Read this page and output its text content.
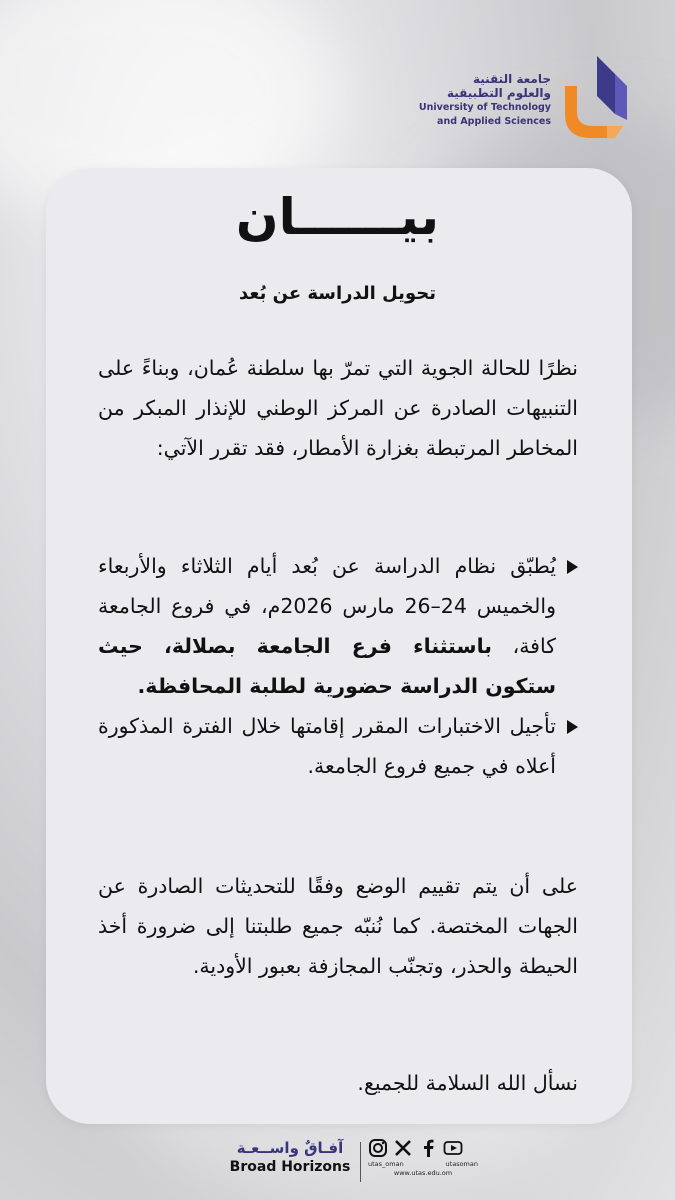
جامعة التقنية
والعلوم التطبيقية
University of Technology
and Applied Sciences
بيــــــان
تحويل الدراسة عن بُعد
نظرًا للحالة الجوية التي تمرّ بها سلطنة عُمان، وبناءً على التنبيهات الصادرة عن المركز الوطني للإنذار المبكر من المخاطر المرتبطة بغزارة الأمطار، فقد تقرر الآتي:
يُطبّق نظام الدراسة عن بُعد أيام الثلاثاء والأربعاء والخميس 24–26 مارس 2026م، في فروع الجامعة كافة، باستثناء فرع الجامعة بصلالة، حيث ستكون الدراسة حضورية لطلبة المحافظة.
تأجيل الاختبارات المقرر إقامتها خلال الفترة المذكورة أعلاه في جميع فروع الجامعة.
على أن يتم تقييم الوضع وفقًا للتحديثات الصادرة عن الجهات المختصة. كما نُنبّه جميع طلبتنا إلى ضرورة أخذ الحيطة والحذر، وتجنّب المجازفة بعبور الأودية.
نسأل الله السلامة للجميع.
آفـاقٌ واســعـة
Broad Horizons	utas_oman	utasoman
www.utas.edu.om
